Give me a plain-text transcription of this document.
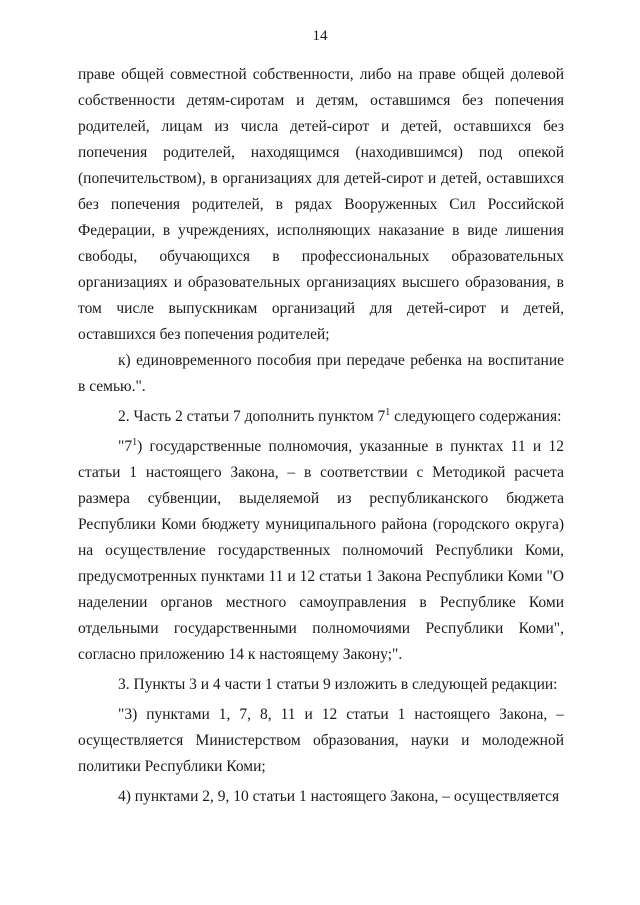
14

праве общей совместной собственности, либо на праве общей долевой собственности детям-сиротам и детям, оставшимся без попечения родителей, лицам из числа детей-сирот и детей, оставшихся без попечения родителей, находящимся (находившимся) под опекой (попечительством), в организациях для детей-сирот и детей, оставшихся без попечения родителей, в рядах Вооруженных Сил Российской Федерации, в учреждениях, исполняющих наказание в виде лишения свободы, обучающихся в профессиональных образовательных организациях и образовательных организациях высшего образования, в том числе выпускникам организаций для детей-сирот и детей, оставшихся без попечения родителей;

к) единовременного пособия при передаче ребенка на воспитание в семью.".

2. Часть 2 статьи 7 дополнить пунктом $7^1$ следующего содержания:

"$7^1$) государственные полномочия, указанные в пунктах 11 и 12 статьи 1 настоящего Закона, – в соответствии с Методикой расчета размера субвенции, выделяемой из республиканского бюджета Республики Коми бюджету муниципального района (городского округа) на осуществление государственных полномочий Республики Коми, предусмотренных пунктами 11 и 12 статьи 1 Закона Республики Коми "О наделении органов местного самоуправления в Республике Коми отдельными государственными полномочиями Республики Коми", согласно приложению 14 к настоящему Закону;".

3. Пункты 3 и 4 части 1 статьи 9 изложить в следующей редакции:

"3) пунктами 1, 7, 8, 11 и 12 статьи 1 настоящего Закона, – осуществляется Министерством образования, науки и молодежной политики Республики Коми;

4) пунктами 2, 9, 10 статьи 1 настоящего Закона, – осуществляется
